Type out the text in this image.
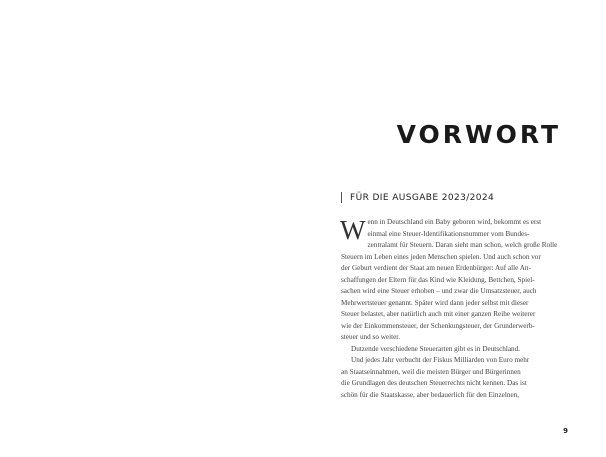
VORWORT
FÜR DIE AUSGABE 2023/2024
W enn in Deutschland ein Baby geboren wird, bekommt es erst
einmal eine Steuer-Identifikationsnummer vom Bundes-
zentralamt für Steuern. Daran sieht man schon, welch große Rolle
Steuern im Leben eines jeden Menschen spielen. Und auch schon vor
der Geburt verdient der Staat am neuen Erdenbürger: Auf alle An-
schaffungen der Eltern für das Kind wie Kleidung, Bettchen, Spiel-
sachen wird eine Steuer erhoben – und zwar die Umsatzsteuer, auch
Mehrwertsteuer genannt. Später wird dann jeder selbst mit dieser
Steuer belastet, aber natürlich auch mit einer ganzen Reihe weiterer
wie der Einkommensteuer, der Schenkungsteuer, der Grunderwerb-
steuer und so weiter.
Dutzende verschiedene Steuerarten gibt es in Deutschland.
Und jedes Jahr verbucht der Fiskus Milliarden von Euro mehr
an Staatseinnahmen, weil die meisten Bürger und Bürgerinnen
die Grundlagen des deutschen Steuerrechts nicht kennen. Das ist
schön für die Staatskasse, aber bedauerlich für den Einzelnen,
9
